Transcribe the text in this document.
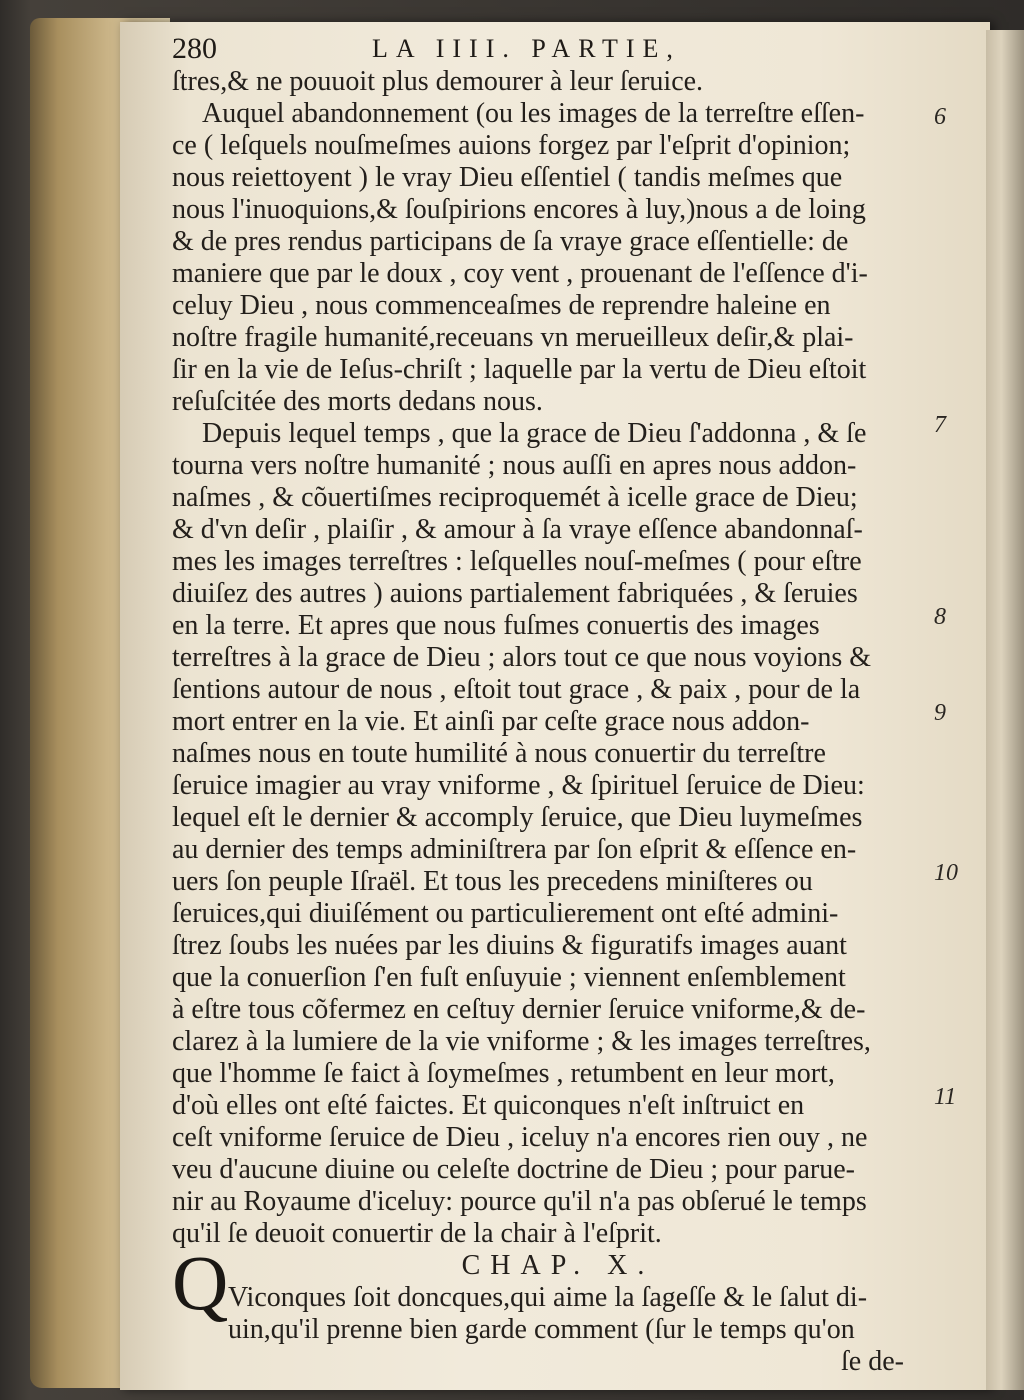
280	LA IIII. PARTIE,
ſtres,& ne pouuoit plus demourer à leur ſeruice.
Auquel abandonnement (ou les images de la terreſtre eſſen-
ce ( leſquels nouſmeſmes auions forgez par l'eſprit d'opinion;
nous reiettoyent ) le vray Dieu eſſentiel ( tandis meſmes que
nous l'inuoquions,& ſouſpirions encores à luy,)nous a de loing
& de pres rendus participans de ſa vraye grace eſſentielle: de
maniere que par le doux , coy vent , prouenant de l'eſſence d'i-
celuy Dieu , nous commenceaſmes de reprendre haleine en
noſtre fragile humanité,receuans vn merueilleux deſir,& plai-
ſir en la vie de Ieſus-chriſt ; laquelle par la vertu de Dieu eſtoit
reſuſcitée des morts dedans nous.
Depuis lequel temps , que la grace de Dieu ſ'addonna , & ſe
tourna vers noſtre humanité ; nous auſſi en apres nous addon-
naſmes , & cõuertiſmes reciproquemét à icelle grace de Dieu;
& d'vn deſir , plaiſir , & amour à ſa vraye eſſence abandonnaſ-
mes les images terreſtres : leſquelles nouſ-meſmes ( pour eſtre
diuiſez des autres ) auions partialement fabriquées , & ſeruies
en la terre. Et apres que nous fuſmes conuertis des images
terreſtres à la grace de Dieu ; alors tout ce que nous voyions &
ſentions autour de nous , eſtoit tout grace , & paix , pour de la
mort entrer en la vie. Et ainſi par ceſte grace nous addon-
naſmes nous en toute humilité à nous conuertir du terreſtre
ſeruice imagier au vray vniforme , & ſpirituel ſeruice de Dieu:
lequel eſt le dernier & accomply ſeruice, que Dieu luymeſmes
au dernier des temps adminiſtrera par ſon eſprit & eſſence en-
uers ſon peuple Iſraël. Et tous les precedens miniſteres ou
ſeruices,qui diuiſément ou particulierement ont eſté admini-
ſtrez ſoubs les nuées par les diuins & figuratifs images auant
que la conuerſion ſ'en fuſt enſuyuie ; viennent enſemblement
à eſtre tous cõfermez en ceſtuy dernier ſeruice vniforme,& de-
clarez à la lumiere de la vie vniforme ; & les images terreſtres,
que l'homme ſe faict à ſoymeſmes , retumbent en leur mort,
d'où elles ont eſté faictes. Et quiconques n'eſt inſtruict en
ceſt vniforme ſeruice de Dieu , iceluy n'a encores rien ouy , ne
veu d'aucune diuine ou celeſte doctrine de Dieu ; pour parue-
nir au Royaume d'iceluy: pource qu'il n'a pas obſerué le temps
qu'il ſe deuoit conuertir de la chair à l'eſprit.
CHAP. X.
Viconques ſoit doncques,qui aime la ſageſſe & le ſalut di-
uin,qu'il prenne bien garde comment (ſur le temps qu'on
ſe de-
Q
6
7
8
9
10
11
